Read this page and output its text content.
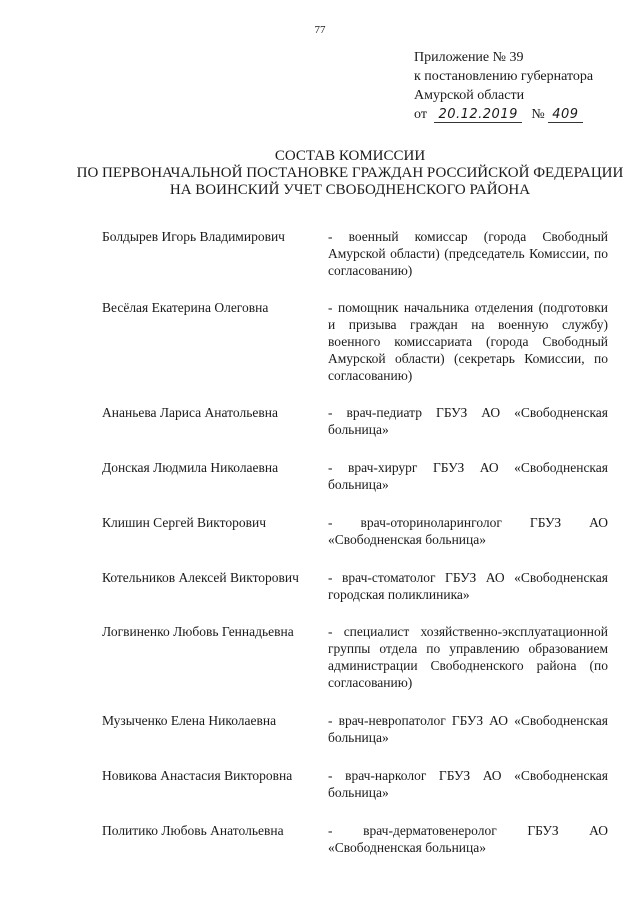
77
Приложение № 39
к постановлению губернатора
Амурской области
от 20.12.2019 № 409
СОСТАВ КОМИССИИ
ПО ПЕРВОНАЧАЛЬНОЙ ПОСТАНОВКЕ ГРАЖДАН РОССИЙСКОЙ ФЕДЕРАЦИИ
НА ВОИНСКИЙ УЧЕТ СВОБОДНЕНСКОГО РАЙОНА
Болдырев Игорь Владимирович	- военный комиссар (города Свободный Амурской области) (председатель Комиссии, по согласованию)
Весёлая Екатерина Олеговна	- помощник начальника отделения (подготовки и призыва граждан на военную службу) военного комиссариата (города Свободный Амурской области) (секретарь Комиссии, по согласованию)
Ананьева Лариса Анатольевна	- врач-педиатр ГБУЗ АО «Свободненская больница»
Донская Людмила Николаевна	- врач-хирург ГБУЗ АО «Свободненская больница»
Клишин Сергей Викторович	- врач-оториноларинголог ГБУЗ АО «Свободненская больница»
Котельников Алексей Викторович	- врач-стоматолог ГБУЗ АО «Свободненская городская поликлиника»
Логвиненко Любовь Геннадьевна	- специалист хозяйственно-эксплуатационной группы отдела по управлению образованием администрации Свободненского района (по согласованию)
Музыченко Елена Николаевна	- врач-невропатолог ГБУЗ АО «Свободненская больница»
Новикова Анастасия Викторовна	- врач-нарколог ГБУЗ АО «Свободненская больница»
Политико Любовь Анатольевна	- врач-дерматовенеролог ГБУЗ АО «Свободненская больница»
